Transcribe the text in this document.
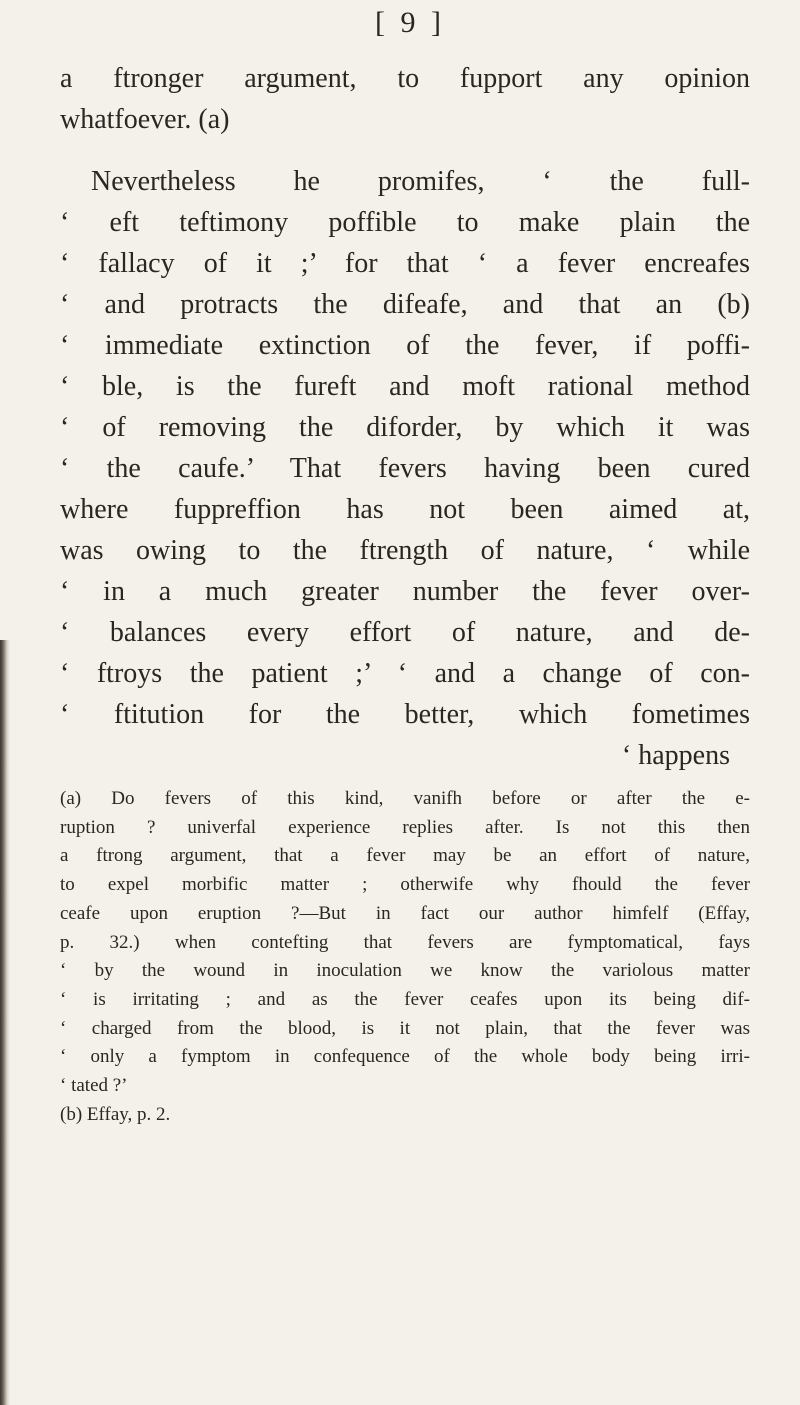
[ 9 ]
a ftronger argument, to fupport any opinion
whatfoever. (a)
Nevertheless he promifes, ‘ the full-
‘ eft teftimony poffible to make plain the
‘ fallacy of it ;’ for that ‘ a fever encreafes
‘ and protracts the difeafe, and that an (b)
‘ immediate extinction of the fever, if poffi-
‘ ble, is the fureft and moft rational method
‘ of removing the diforder, by which it was
‘ the caufe.’ That fevers having been cured
where fuppreffion has not been aimed at,
was owing to the ftrength of nature, ‘ while
‘ in a much greater number the fever over-
‘ balances every effort of nature, and de-
‘ ftroys the patient ;’ ‘ and a change of con-
‘ ftitution for the better, which fometimes
‘ happens
(a) Do fevers of this kind, vanifh before or after the e-
ruption ? univerfal experience replies after. Is not this then
a ftrong argument, that a fever may be an effort of nature,
to expel morbific matter ; otherwife why fhould the fever
ceafe upon eruption ?—But in fact our author himfelf (Effay,
p. 32.) when contefting that fevers are fymptomatical, fays
‘ by the wound in inoculation we know the variolous matter
‘ is irritating ; and as the fever ceafes upon its being dif-
‘ charged from the blood, is it not plain, that the fever was
‘ only a fymptom in confequence of the whole body being irri-
‘ tated ?’
(b) Effay, p. 2.
